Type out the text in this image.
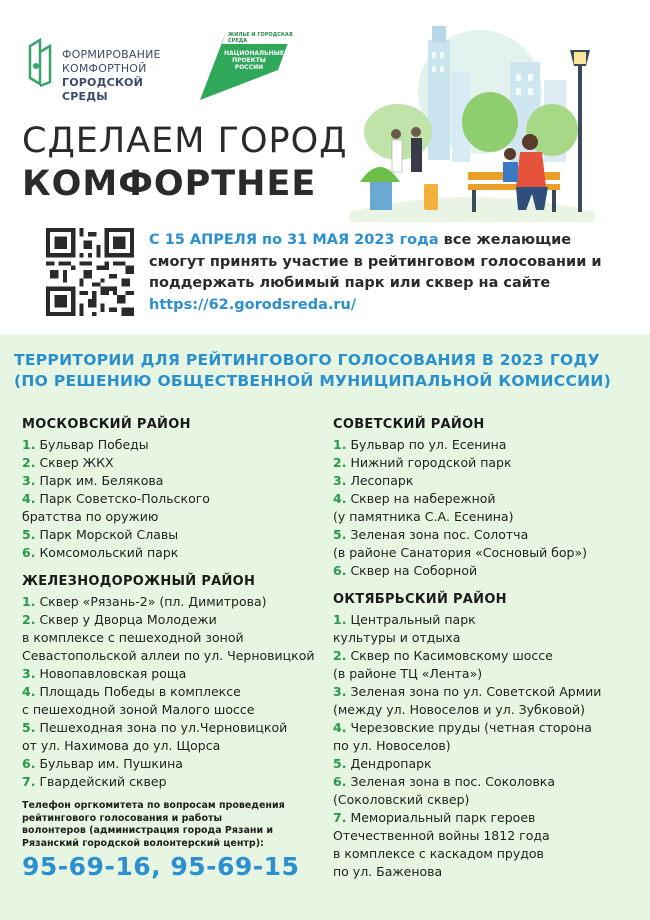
ФОРМИРОВАНИЕ
КОМФОРТНОЙ
ГОРОДСКОЙ СРЕДЫ
ЖИЛЬЕ И ГОРОДСКАЯ СРЕДА
НАЦИОНАЛЬНЫЕ ПРОЕКТЫ РОССИИ
СДЕЛАЕМ ГОРОД
КОМФОРТНЕЕ
С 15 АПРЕЛЯ по 31 МАЯ 2023 года все желающие смогут принять участие в рейтинговом голосовании и поддержать любимый парк или сквер на сайте
https://62.gorodsreda.ru/
ТЕРРИТОРИИ ДЛЯ РЕЙТИНГОВОГО ГОЛОСОВАНИЯ В 2023 ГОДУ
(ПО РЕШЕНИЮ ОБЩЕСТВЕННОЙ МУНИЦИПАЛЬНОЙ КОМИССИИ)
МОСКОВСКИЙ РАЙОН
1. Бульвар Победы
2. Сквер ЖКХ
3. Парк им. Белякова
4. Парк Советско-Польского
братства по оружию
5. Парк Морской Славы
6. Комсомольский парк
ЖЕЛЕЗНОДОРОЖНЫЙ РАЙОН
1. Сквер «Рязань-2» (пл. Димитрова)
2. Сквер у Дворца Молодежи
в комплексе с пешеходной зоной
Севастопольской аллеи по ул. Черновицкой
3. Новопавловская роща
4. Площадь Победы в комплексе
с пешеходной зоной Малого шоссе
5. Пешеходная зона по ул.Черновицкой
от ул. Нахимова до ул. Щорса
6. Бульвар им. Пушкина
7. Гвардейский сквер
СОВЕТСКИЙ РАЙОН
1. Бульвар по ул. Есенина
2. Нижний городской парк
3. Лесопарк
4. Сквер на набережной
(у памятника С.А. Есенина)
5. Зеленая зона пос. Солотча
(в районе Санатория «Сосновый бор»)
6. Сквер на Соборной
ОКТЯБРЬСКИЙ РАЙОН
1. Центральный парк
культуры и отдыха
2. Сквер по Касимовскому шоссе
(в районе ТЦ «Лента»)
3. Зеленая зона по ул. Советской Армии
(между ул. Новоселов и ул. Зубковой)
4. Черезовские пруды (четная сторона
по ул. Новоселов)
5. Дендропарк
6. Зеленая зона в пос. Соколовка
(Соколовский сквер)
7. Мемориальный парк героев
Отечественной войны 1812 года
в комплексе с каскадом прудов
по ул. Баженова
Телефон оргкомитета по вопросам проведения рейтингового голосования и работы волонтеров (администрация города Рязани и Рязанский городской волонтерский центр):
95-69-16, 95-69-15
